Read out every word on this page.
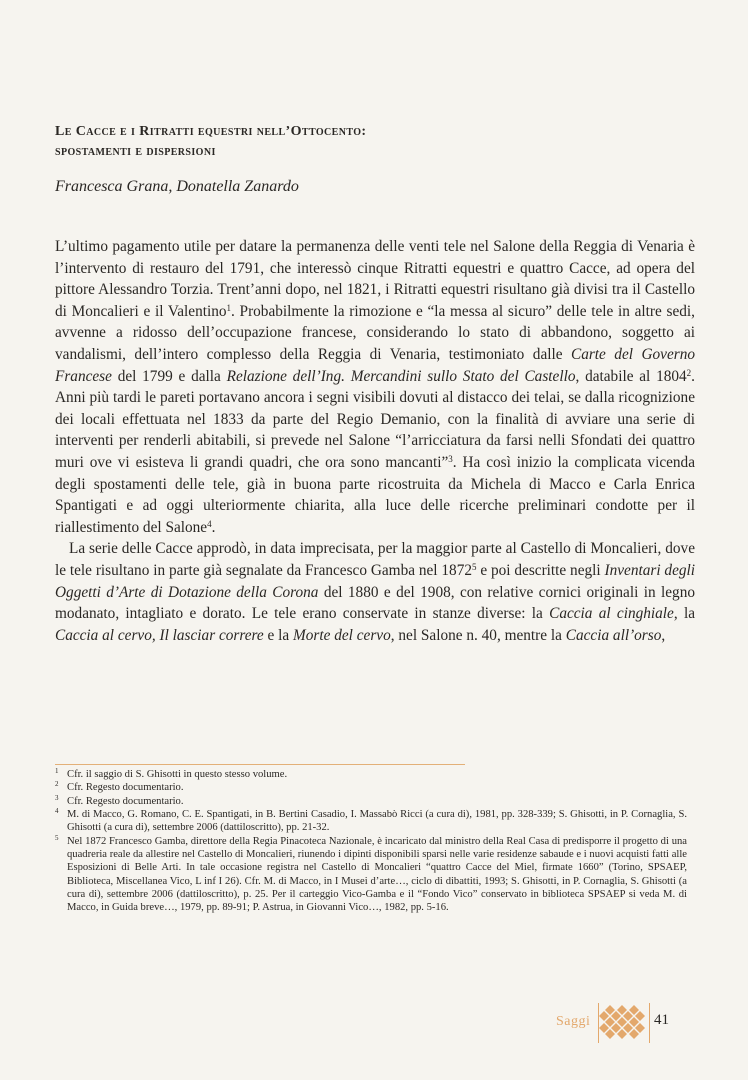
Le Cacce e i Ritratti equestri nell’Ottocento:
spostamenti e dispersioni
Francesca Grana, Donatella Zanardo

L’ultimo pagamento utile per datare la permanenza delle venti tele nel Salone della Reggia di Venaria è l’intervento di restauro del 1791, che interessò cinque Ritratti equestri e quattro Cacce, ad opera del pittore Alessandro Torzia. Trent’anni dopo, nel 1821, i Ritratti equestri risultano già divisi tra il Castello di Moncalieri e il Valentino$^1$. Probabilmente la rimozione e “la messa al sicuro” delle tele in altre sedi, avvenne a ridosso dell’occupazione francese, considerando lo stato di abbandono, soggetto ai vandalismi, dell’intero complesso della Reggia di Venaria, testimoniato dalle Carte del Governo Francese del 1799 e dalla Relazione dell’Ing. Mercandini sullo Stato del Castello, databile al 1804$^2$. Anni più tardi le pareti portavano ancora i segni visibili dovuti al distacco dei telai, se dalla ricognizione dei locali effettuata nel 1833 da parte del Regio Demanio, con la finalità di avviare una serie di interventi per renderli abitabili, si prevede nel Salone “l’arricciatura da farsi nelli Sfondati dei quattro muri ove vi esisteva li grandi quadri, che ora sono mancanti”$^3$. Ha così inizio la complicata vicenda degli spostamenti delle tele, già in buona parte ricostruita da Michela di Macco e Carla Enrica Spantigati e ad oggi ulteriormente chiarita, alla luce delle ricerche preliminari condotte per il riallestimento del Salone$^4$.

La serie delle Cacce approdò, in data imprecisata, per la maggior parte al Castello di Moncalieri, dove le tele risultano in parte già segnalate da Francesco Gamba nel 1872$^5$ e poi descritte negli Inventari degli Oggetti d’Arte di Dotazione della Corona del 1880 e del 1908, con relative cornici originali in legno modanato, intagliato e dorato. Le tele erano conservate in stanze diverse: la Caccia al cinghiale, la Caccia al cervo, Il lasciar correre e la Morte del cervo, nel Salone n. 40, mentre la Caccia all’orso,

1 Cfr. il saggio di S. Ghisotti in questo stesso volume.
2 Cfr. Regesto documentario.
3 Cfr. Regesto documentario.
4 M. di Macco, G. Romano, C. E. Spantigati, in B. Bertini Casadio, I. Massabò Ricci (a cura di), 1981, pp. 328-339; S. Ghisotti, in P. Cornaglia, S. Ghisotti (a cura di), settembre 2006 (dattiloscritto), pp. 21-32.
5 Nel 1872 Francesco Gamba, direttore della Regia Pinacoteca Nazionale, è incaricato dal ministro della Real Casa di predisporre il progetto di una quadreria reale da allestire nel Castello di Moncalieri, riunendo i dipinti disponibili sparsi nelle varie residenze sabaude e i nuovi acquisti fatti alle Esposizioni di Belle Arti. In tale occasione registra nel Castello di Moncalieri “quattro Cacce del Miel, firmate 1660” (Torino, SPSAEP, Biblioteca, Miscellanea Vico, L inf I 26). Cfr. M. di Macco, in I Musei d’arte…, ciclo di dibattiti, 1993; S. Ghisotti, in P. Cornaglia, S. Ghisotti (a cura di), settembre 2006 (dattiloscritto), p. 25. Per il carteggio Vico-Gamba e il “Fondo Vico” conservato in biblioteca SPSAEP si veda M. di Macco, in Guida breve…, 1979, pp. 89-91; P. Astrua, in Giovanni Vico…, 1982, pp. 5-16.
Saggi	41
